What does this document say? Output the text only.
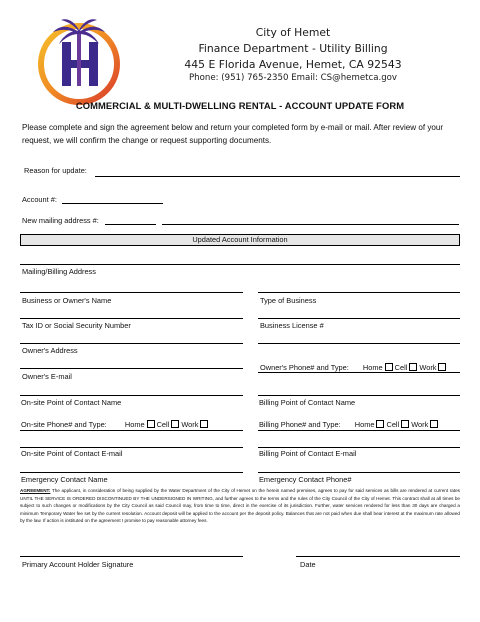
City of Hemet
Finance Department - Utility Billing
445 E Florida Avenue, Hemet, CA 92543
Phone: (951) 765-2350 Email: CS@hemetca.gov
COMMERCIAL & MULTI-DWELLING RENTAL - ACCOUNT UPDATE FORM
Please complete and sign the agreement below and return your completed form by e-mail or mail. After review of your request, we will confirm the change or request supporting documents.
Reason for update:
Account #:
New mailing address #:
Updated Account Information
Mailing/Billing Address
Business or Owner's Name	Type of Business
Tax ID or Social Security Number	Business License #
Owner's Address
Owner's Phone# and Type: Home Cell Work
Owner's E-mail
On-site Point of Contact Name	Billing Point of Contact Name
On-site Phone# and Type: Home Cell Work	Billing Phone# and Type: Home Cell Work
On-site Point of Contact E-mail	Billing Point of Contact E-mail
Emergency Contact Name	Emergency Contact Phone#
AGREEMENT: The applicant, in consideration of being supplied by the Water Department of the City of Hemet on the herein named premises, agrees to pay for said services as bills are rendered at current rates UNTIL THE SERVICE IS ORDERED DISCONTINUED BY THE UNDERSIGNED IN WRITING, and further agrees to the terms and the rules of the City Council of the City of Hemet. This contract shall at all times be subject to such changes or modifications by the City Council as said Council may, from time to time, direct in the exercise of its jurisdiction. Further, water services rendered for less than 30 days are charged a minimum Temporary Water fee set by the current resolution. Account deposit will be applied to the account per the deposit policy. Balances that are not paid when due shall bear interest at the maximum rate allowed by the law. If action is instituted on the agreement I promise to pay reasonable attorney fees.
Primary Account Holder Signature	Date
